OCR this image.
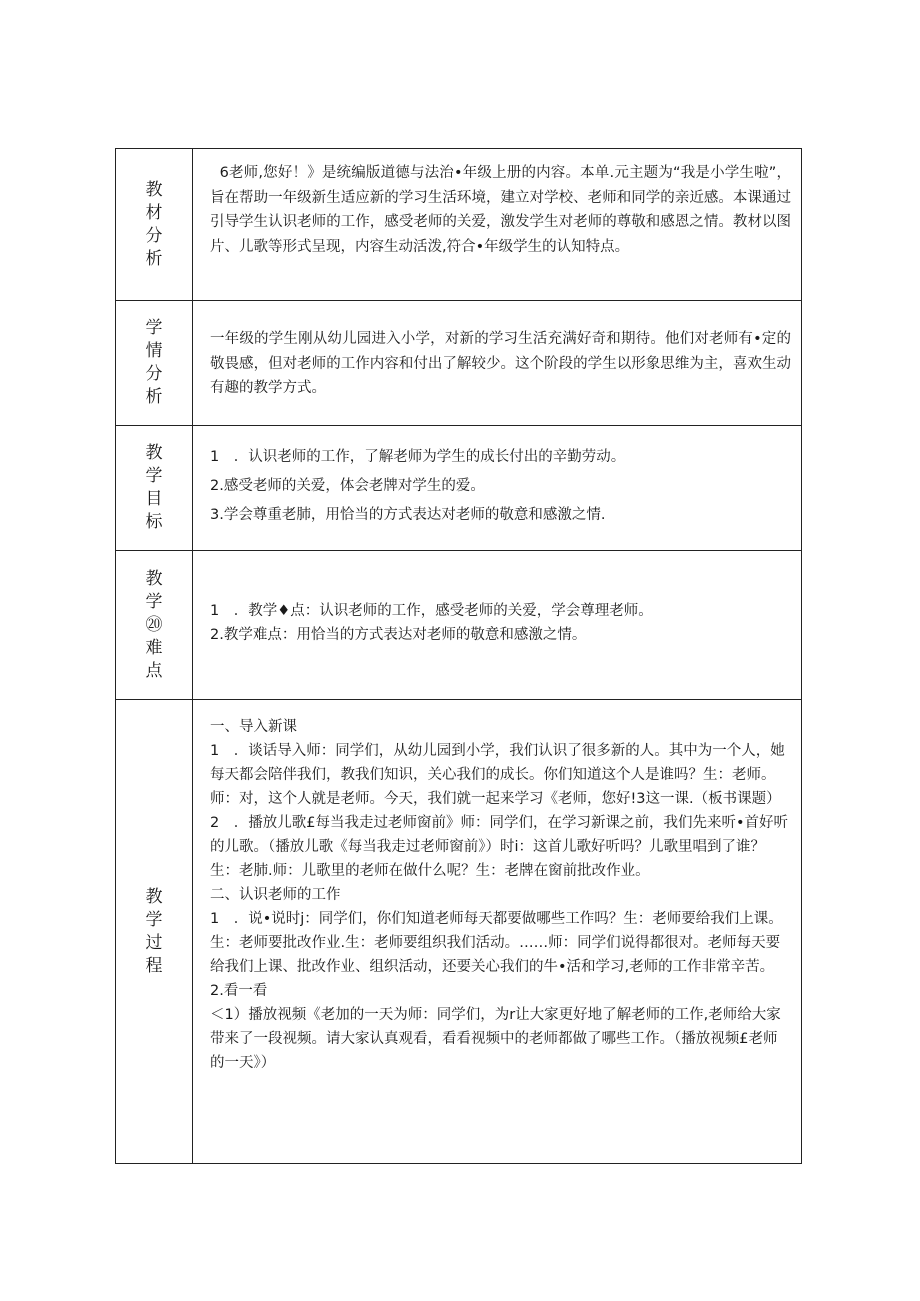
教材分析

6老师,您好！》是统编版道德与法治•年级上册的内容。本单.元主题为“我是小学生啦”，旨在帮助一年级新生适应新的学习生活环境，建立对学校、老师和同学的亲近感。本课通过引导学生认识老师的工作，感受老师的关爱，激发学生对老师的尊敬和感恩之情。教材以图片、儿歌等形式呈现，内容生动活泼,符合•年级学生的认知特点。

学情分析

一年级的学生刚从幼儿园进入小学，对新的学习生活充满好奇和期待。他们对老师有•定的敬畏感，但对老师的工作内容和付出了解较少。这个阶段的学生以形象思维为主，喜欢生动有趣的教学方式。

教学目标

1　．认识老师的工作，了解老师为学生的成长付出的辛勤劳动。

2.感受老师的关爱，体会老牌对学生的爱。

3.学会尊重老肺，用恰当的方式表达对老师的敬意和感激之情.

教学⑳难点

1　．教学♦点：认识老师的工作，感受老师的关爱，学会尊理老师。

2.教学难点：用恰当的方式表达对老师的敬意和感激之情。

教学过程

一、导入新课

1　．谈话导入师：同学们，从幼儿园到小学，我们认识了很多新的人。其中为一个人，她每天都会陪伴我们，教我们知识，关心我们的成长。你们知道这个人是谁吗？生：老师。师：对，这个人就是老师。今天，我们就一起来学习《老师，您好!3这一课.（板书课题）

2　．播放儿歌£每当我走过老师窗前》师：同学们，在学习新课之前，我们先来听•首好听的儿歌。（播放儿歌《每当我走过老师窗前》）时i：这首儿歌好听吗？儿歌里唱到了谁？生：老肺.师：儿歌里的老师在做什么呢？生：老牌在窗前批改作业。

二、认识老师的工作

1　．说•说时j：同学们，你们知道老师每天都要做哪些工作吗？生：老师要给我们上课。生：老师要批改作业.生：老师要组织我们活动。……师：同学们说得都很对。老师每天要给我们上课、批改作业、组织活动，还要关心我们的牛•活和学习,老师的工作非常辛苦。

2.看一看

＜1）播放视频《老加的一天为师：同学们，为r让大家更好地了解老师的工作,老师给大家带来了一段视频。请大家认真观看，看看视频中的老师都做了哪些工作。（播放视频£老师的一天》）
